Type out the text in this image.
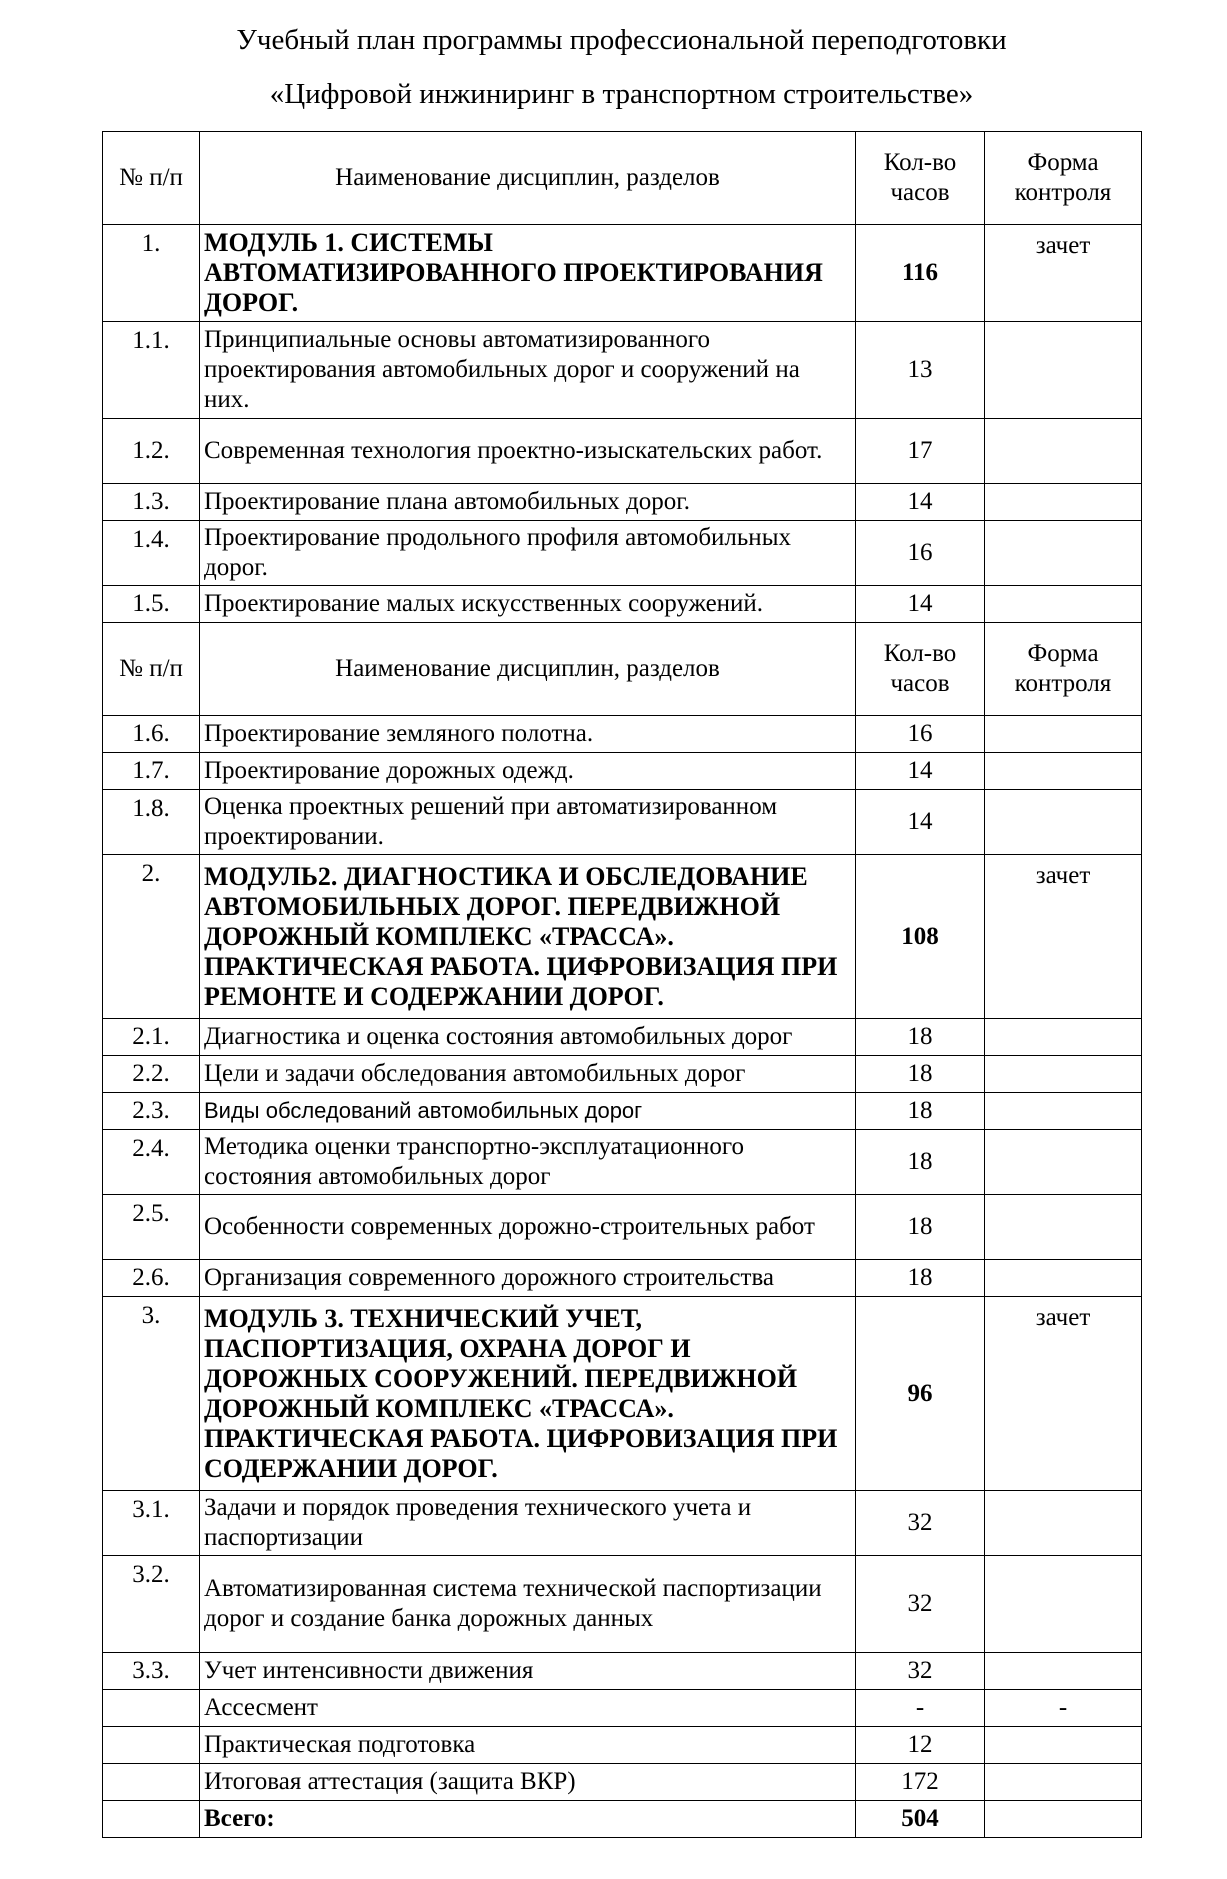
Учебный план программы профессиональной переподготовки
«Цифровой инжиниринг в транспортном строительстве»
№ п/п	Наименование дисциплин, разделов	Кол-во часов	Форма контроля
1.	МОДУЛЬ 1. СИСТЕМЫ АВТОМАТИЗИРОВАННОГО ПРОЕКТИРОВАНИЯ ДОРОГ.	116	зачет
1.1.	Принципиальные основы автоматизированного проектирования автомобильных дорог и сооружений на них.	13	
1.2.	Современная технология проектно-изыскательских работ.	17	
1.3.	Проектирование плана автомобильных дорог.	14	
1.4.	Проектирование продольного профиля автомобильных дорог.	16	
1.5.	Проектирование малых искусственных сооружений.	14	
№ п/п	Наименование дисциплин, разделов	Кол-во часов	Форма контроля
1.6.	Проектирование земляного полотна.	16	
1.7.	Проектирование дорожных одежд.	14	
1.8.	Оценка проектных решений при автоматизированном проектировании.	14	
2.	МОДУЛЬ2. ДИАГНОСТИКА И ОБСЛЕДОВАНИЕ АВТОМОБИЛЬНЫХ ДОРОГ. ПЕРЕДВИЖНОЙ ДОРОЖНЫЙ КОМПЛЕКС «ТРАССА». ПРАКТИЧЕСКАЯ РАБОТА. ЦИФРОВИЗАЦИЯ ПРИ РЕМОНТЕ И СОДЕРЖАНИИ ДОРОГ.	108	зачет
2.1.	Диагностика и оценка состояния автомобильных дорог	18	
2.2.	Цели и задачи обследования автомобильных дорог	18	
2.3.	Виды обследований автомобильных дорог	18	
2.4.	Методика оценки транспортно-эксплуатационного состояния автомобильных дорог	18	
2.5.	Особенности современных дорожно-строительных работ	18	
2.6.	Организация современного дорожного строительства	18	
3.	МОДУЛЬ 3. ТЕХНИЧЕСКИЙ УЧЕТ, ПАСПОРТИЗАЦИЯ, ОХРАНА ДОРОГ И ДОРОЖНЫХ СООРУЖЕНИЙ. ПЕРЕДВИЖНОЙ ДОРОЖНЫЙ КОМПЛЕКС «ТРАССА». ПРАКТИЧЕСКАЯ РАБОТА. ЦИФРОВИЗАЦИЯ ПРИ СОДЕРЖАНИИ ДОРОГ.	96	зачет
3.1.	Задачи и порядок проведения технического учета и паспортизации	32	
3.2.	Автоматизированная система технической паспортизации дорог и создание банка дорожных данных	32	
3.3.	Учет интенсивности движения	32	
	Ассесмент	-	-
	Практическая подготовка	12	
	Итоговая аттестация (защита ВКР)	172	
	Всего:	504	
